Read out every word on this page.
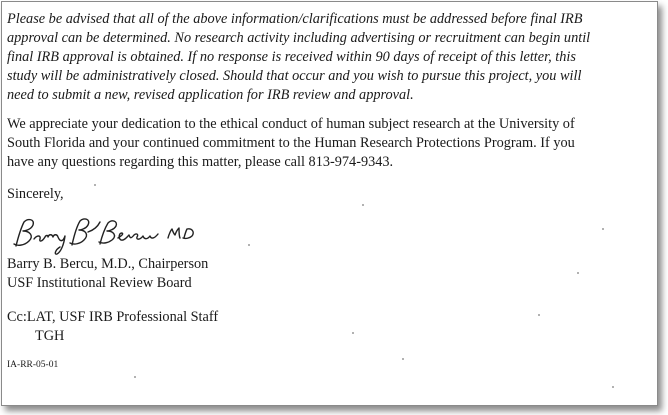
Please be advised that all of the above information/clarifications must be addressed before final IRB
approval can be determined. No research activity including advertising or recruitment can begin until
final IRB approval is obtained. If no response is received within 90 days of receipt of this letter, this
study will be administratively closed. Should that occur and you wish to pursue this project, you will
need to submit a new, revised application for IRB review and approval.

We appreciate your dedication to the ethical conduct of human subject research at the University of
South Florida and your continued commitment to the Human Research Protections Program. If you
have any questions regarding this matter, please call 813-974-9343.

Sincerely,

Barry B. Bercu, M.D., Chairperson

USF Institutional Review Board

Cc:LAT, USF IRB Professional Staff

TGH

IA-RR-05-01
